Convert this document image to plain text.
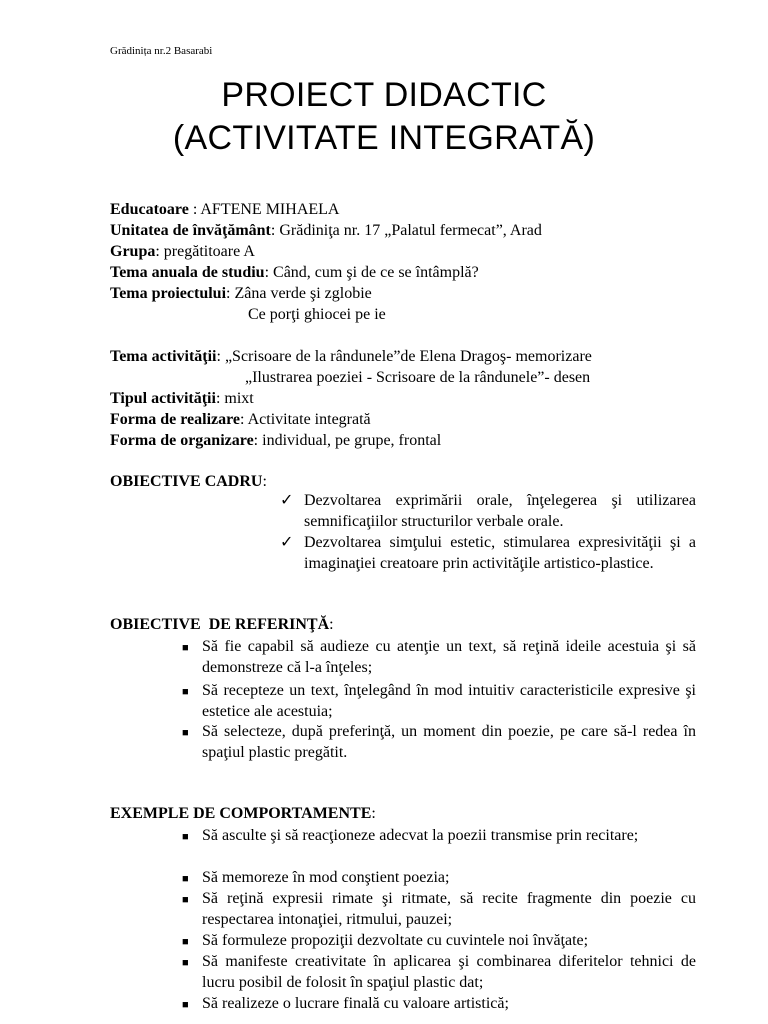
Grădinița nr.2 Basarabi
PROIECT DIDACTIC
(ACTIVITATE INTEGRATĂ)
Educatoare : AFTENE MIHAELA
Unitatea de învăţământ: Grădiniţa nr. 17 „Palatul fermecat”, Arad
Grupa: pregătitoare A
Tema anuala de studiu: Când, cum şi de ce se întâmplă?
Tema proiectului: Zâna verde şi zglobie
Ce porţi ghiocei pe ie
Tema activităţii: „Scrisoare de la rândunele”de Elena Dragoş- memorizare
„Ilustrarea poeziei - Scrisoare de la rândunele”- desen
Tipul activităţii: mixt
Forma de realizare: Activitate integrată
Forma de organizare: individual, pe grupe, frontal
OBIECTIVE CADRU:
✓ Dezvoltarea exprimării orale, înţelegerea şi utilizarea semnificaţiilor structurilor verbale orale.
✓ Dezvoltarea simţului estetic, stimularea expresivităţii şi a imaginaţiei creatoare prin activităţile artistico-plastice.
OBIECTIVE  DE REFERINŢĂ:
■ Să fie capabil să audieze cu atenţie un text, să reţină ideile acestuia şi să demonstreze că l-a înţeles;
■ Să recepteze un text, înţelegând în mod intuitiv caracteristicile expresive şi estetice ale acestuia;
■ Să selecteze, după preferinţă, un moment din poezie, pe care să-l redea în spaţiul plastic pregătit.
EXEMPLE DE COMPORTAMENTE:
■ Să asculte şi să reacţioneze adecvat la poezii transmise prin recitare;
■ Să memoreze în mod conştient poezia;
■ Să reţină expresii rimate şi ritmate, să recite fragmente din poezie cu respectarea intonaţiei, ritmului, pauzei;
■ Să formuleze propoziţii dezvoltate cu cuvintele noi învăţate;
■ Să manifeste creativitate în aplicarea şi combinarea diferitelor tehnici de lucru posibil de folosit în spaţiul plastic dat;
■ Să realizeze o lucrare finală cu valoare artistică;
